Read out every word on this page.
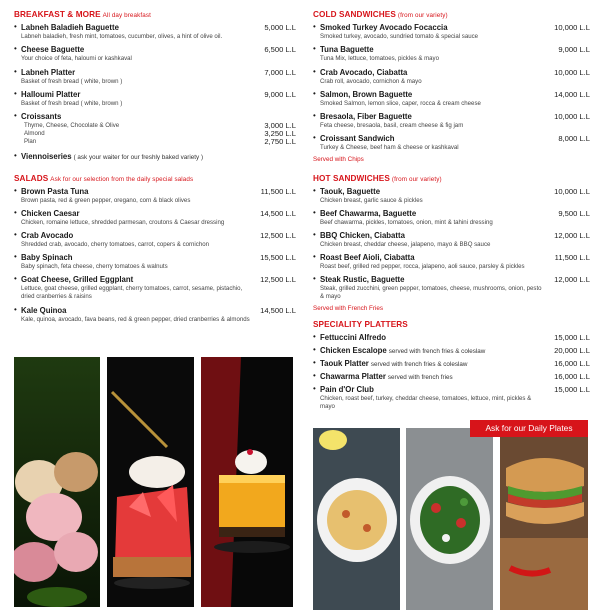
BREAKFAST & MORE All day breakfast
• Labneh Baladieh Baguette
Labneh baladieh, fresh mint, tomatoes, cucumber, olives, a hint of olive oil.
5,000 L.L
• Cheese Baguette
Your choice of feta, haloumi or kashkaval
6,500 L.L
• Labneh Platter
Basket of fresh bread ( white, brown )
7,000 L.L
• Halloumi Platter
Basket of fresh bread ( white, brown )
9,000 L.L
• Croissants
Thyme, Cheese, Chocolate & Olive
Almond
Plan
3,000 L.L
3,250 L.L
2,750 L.L
• Viennoiseries ( ask your waiter for our freshly baked variety )
SALADS Ask for our selection from the daily special salads
• Brown Pasta Tuna
Brown pasta, red & green pepper, oregano, corn & black olives
11,500 L.L
• Chicken Caesar
Chicken, romaine lettuce, shredded parmesan, croutons & Caesar dressing
14,500 L.L
• Crab Avocado
Shredded crab, avocado, cherry tomatoes, carrot, copers & cornichon
12,500 L.L
• Baby Spinach
Baby spinach, feta cheese, cherry tomatoes & walnuts
15,500 L.L
• Goat Cheese, Grilled Eggplant
Lettuce, goat cheese, grilled eggplant, cherry tomatoes, carrot, sesame, pistachio, dried cranberries & raisins
12,500 L.L
• Kale Quinoa
Kale, quinoa, avocado, fava beans, red & green pepper, dried cranberries & almonds
14,500 L.L
COLD SANDWICHES (from our variety)
• Smoked Turkey Avocado Focaccia
Smoked turkey, avocado, sundried tomato & special sauce
10,000 L.L
• Tuna Baguette
Tuna Mix, lettuce, tomatoes, pickles & mayo
9,000 L.L
• Crab Avocado, Ciabatta
Crab roll, avocado, cornichon & mayo
10,000 L.L
• Salmon, Brown Baguette
Smoked Salmon, lemon slice, caper, rocca & cream cheese
14,000 L.L
• Bresaola, Fiber Baguette
Feta cheese, bresaola, basil, cream cheese & fig jam
10,000 L.L
• Croissant Sandwich
Turkey & Cheese, beef ham & cheese or kashkaval
8,000 L.L
Served with Chips
HOT SANDWICHES (from our variety)
• Taouk, Baguette
Chicken breast, garlic sauce & pickles
10,000 L.L
• Beef Chawarma, Baguette
Beef chawarma, pickles, tomatoes, onion, mint & tahini dressing
9,500 L.L
• BBQ Chicken, Ciabatta
Chicken breast, cheddar cheese, jalapeno, mayo & BBQ sauce
12,000 L.L
• Roast Beef Aioli, Ciabatta
Roast beef, grilled red pepper, rocca, jalapeno, aoli sauce, parsley & pickles
11,500 L.L
• Steak Rustic, Baguette
Steak, grilled zucchini, green pepper, tomatoes, cheese, mushrooms, onion, pesto & mayo
12,000 L.L
Served with French Fries
SPECIALITY PLATTERS
• Fettuccini Alfredo	15,000 L.L
• Chicken Escalope served with french fries & coleslaw	20,000 L.L
• Taouk Platter served with french fries & coleslaw	16,000 L.L
• Chawarma Platter served with french fries	16,000 L.L
• Pain d'Or Club
Chicken, roast beef, turkey, cheddar cheese, tomatoes, lettuce, mint, pickles & mayo
15,000 L.L
Ask for our Daily Plates
